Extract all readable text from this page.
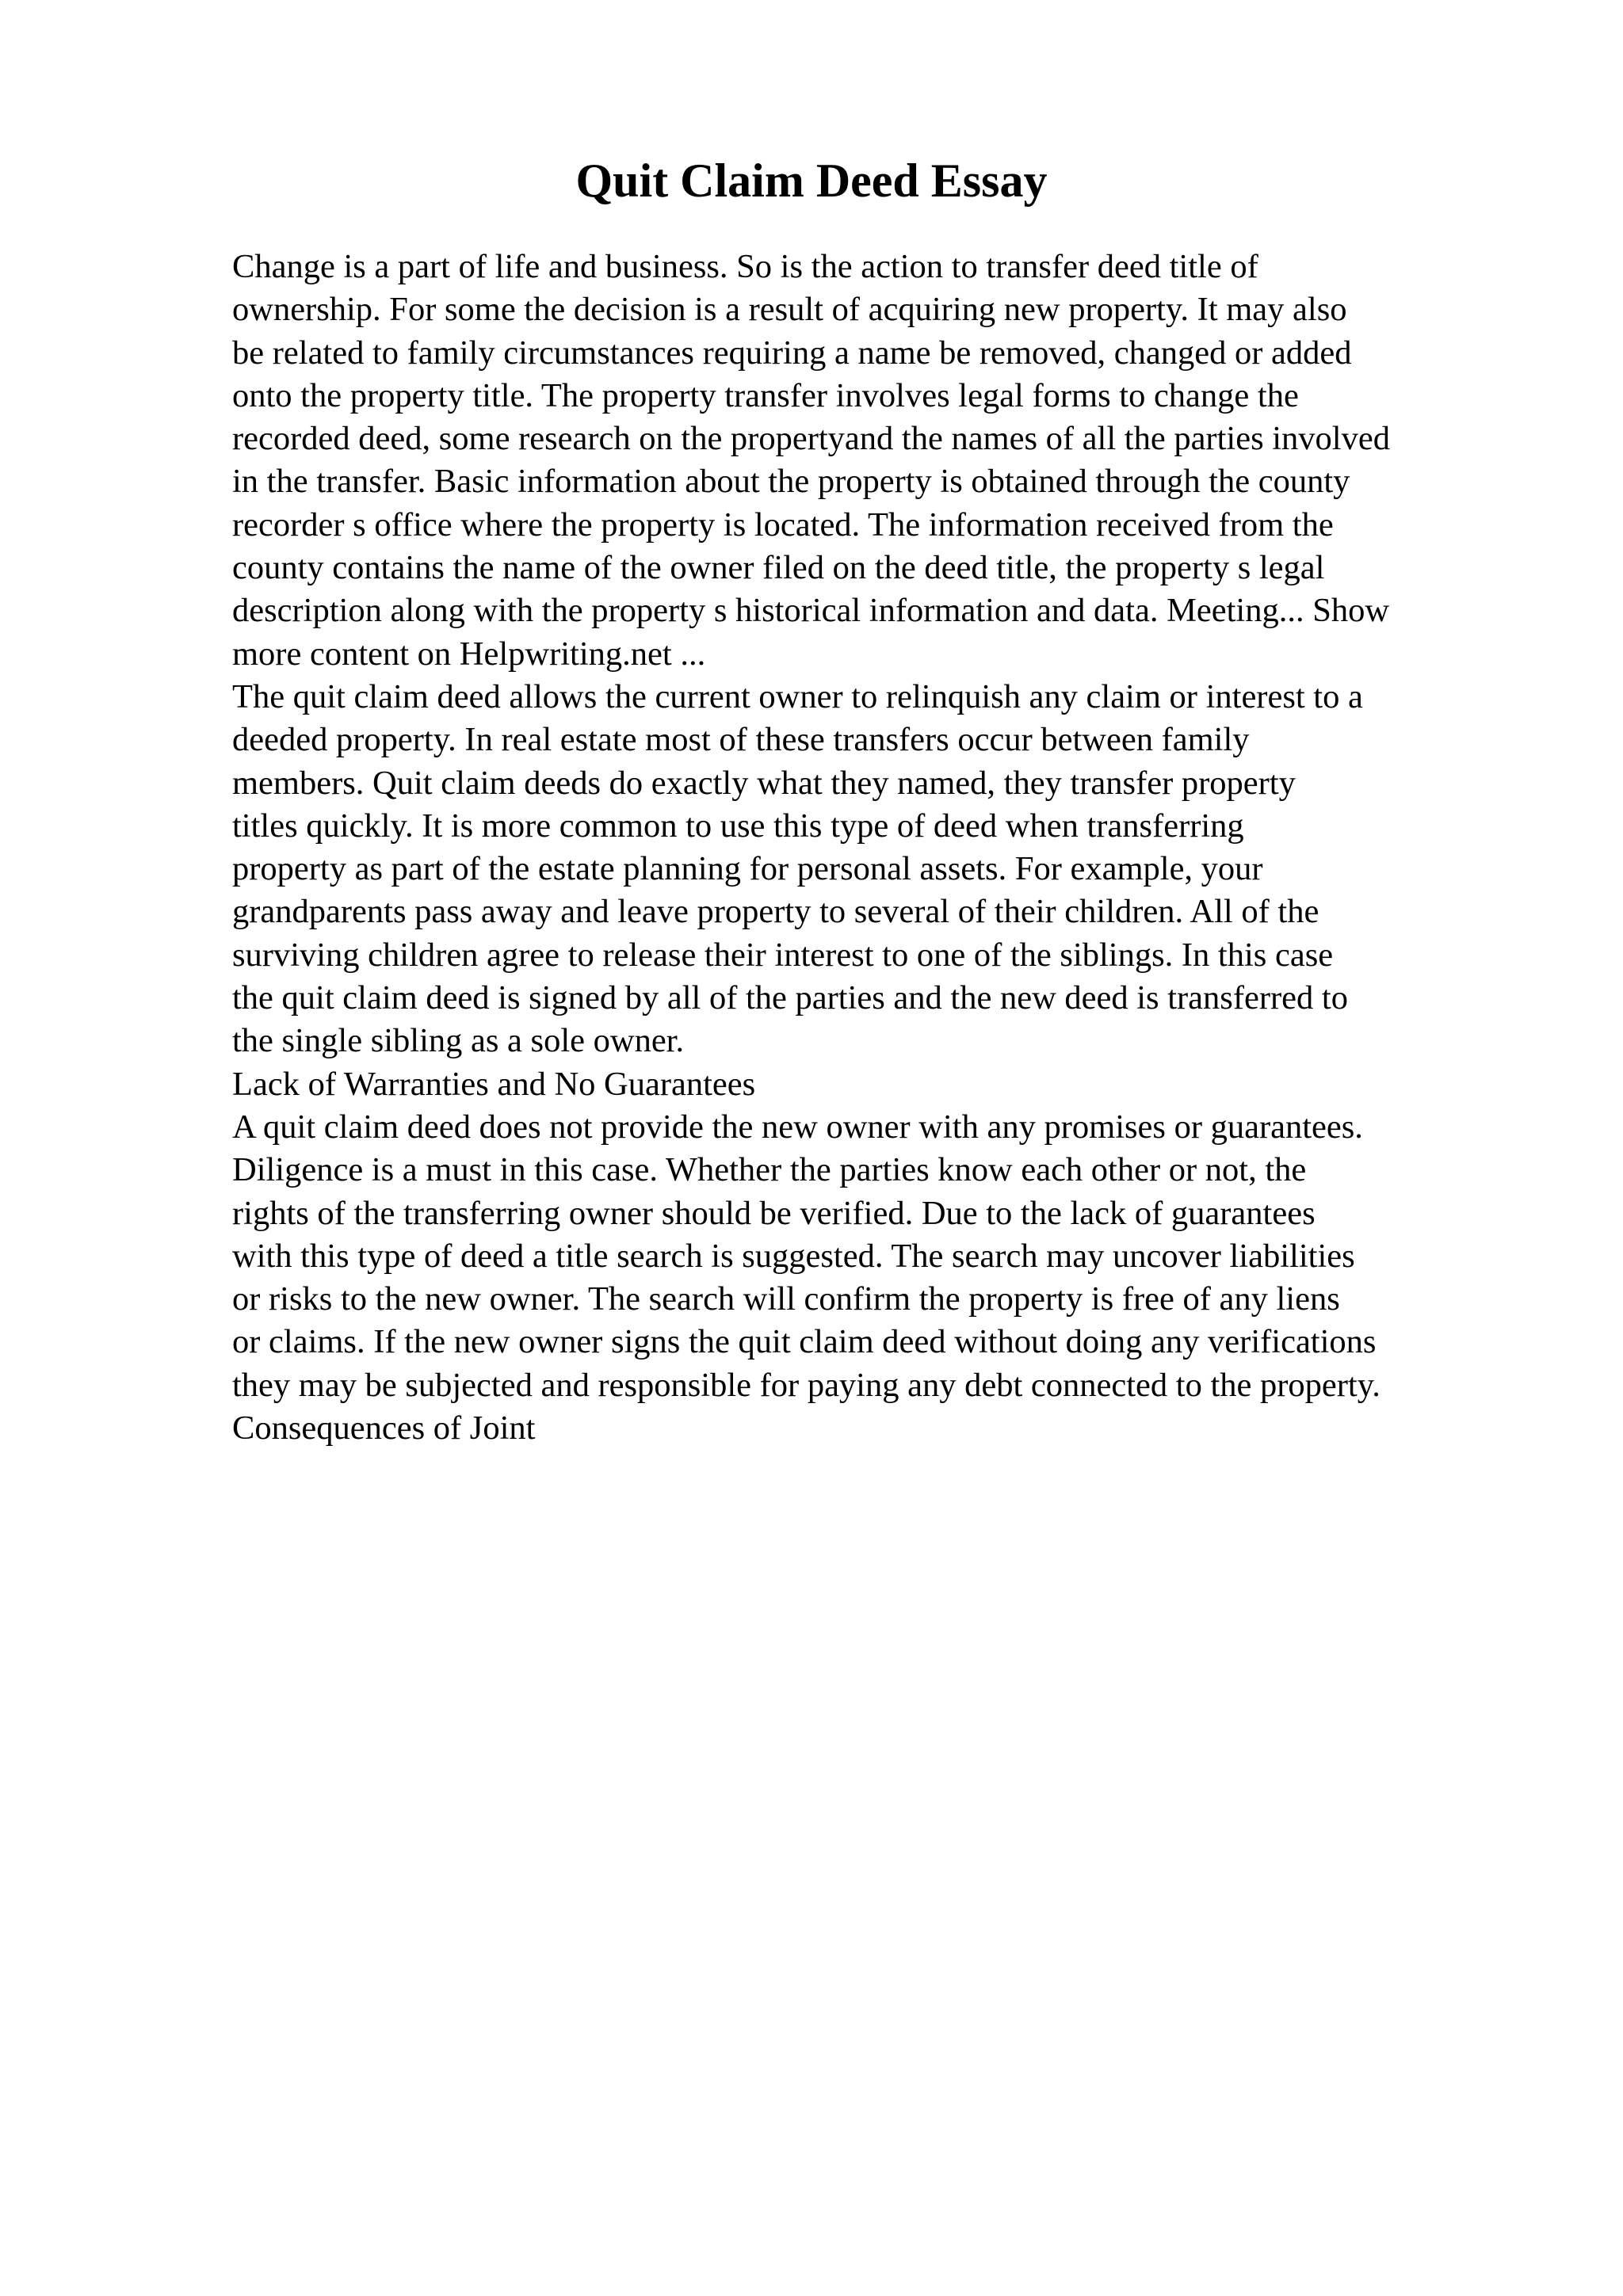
Quit Claim Deed Essay
Change is a part of life and business. So is the action to transfer deed title of
ownership. For some the decision is a result of acquiring new property. It may also
be related to family circumstances requiring a name be removed, changed or added
onto the property title. The property transfer involves legal forms to change the
recorded deed, some research on the propertyand the names of all the parties involved
in the transfer. Basic information about the property is obtained through the county
recorder s office where the property is located. The information received from the
county contains the name of the owner filed on the deed title, the property s legal
description along with the property s historical information and data. Meeting... Show
more content on Helpwriting.net ...
The quit claim deed allows the current owner to relinquish any claim or interest to a
deeded property. In real estate most of these transfers occur between family
members. Quit claim deeds do exactly what they named, they transfer property
titles quickly. It is more common to use this type of deed when transferring
property as part of the estate planning for personal assets. For example, your
grandparents pass away and leave property to several of their children. All of the
surviving children agree to release their interest to one of the siblings. In this case
the quit claim deed is signed by all of the parties and the new deed is transferred to
the single sibling as a sole owner.
Lack of Warranties and No Guarantees
A quit claim deed does not provide the new owner with any promises or guarantees.
Diligence is a must in this case. Whether the parties know each other or not, the
rights of the transferring owner should be verified. Due to the lack of guarantees
with this type of deed a title search is suggested. The search may uncover liabilities
or risks to the new owner. The search will confirm the property is free of any liens
or claims. If the new owner signs the quit claim deed without doing any verifications
they may be subjected and responsible for paying any debt connected to the property.
Consequences of Joint
